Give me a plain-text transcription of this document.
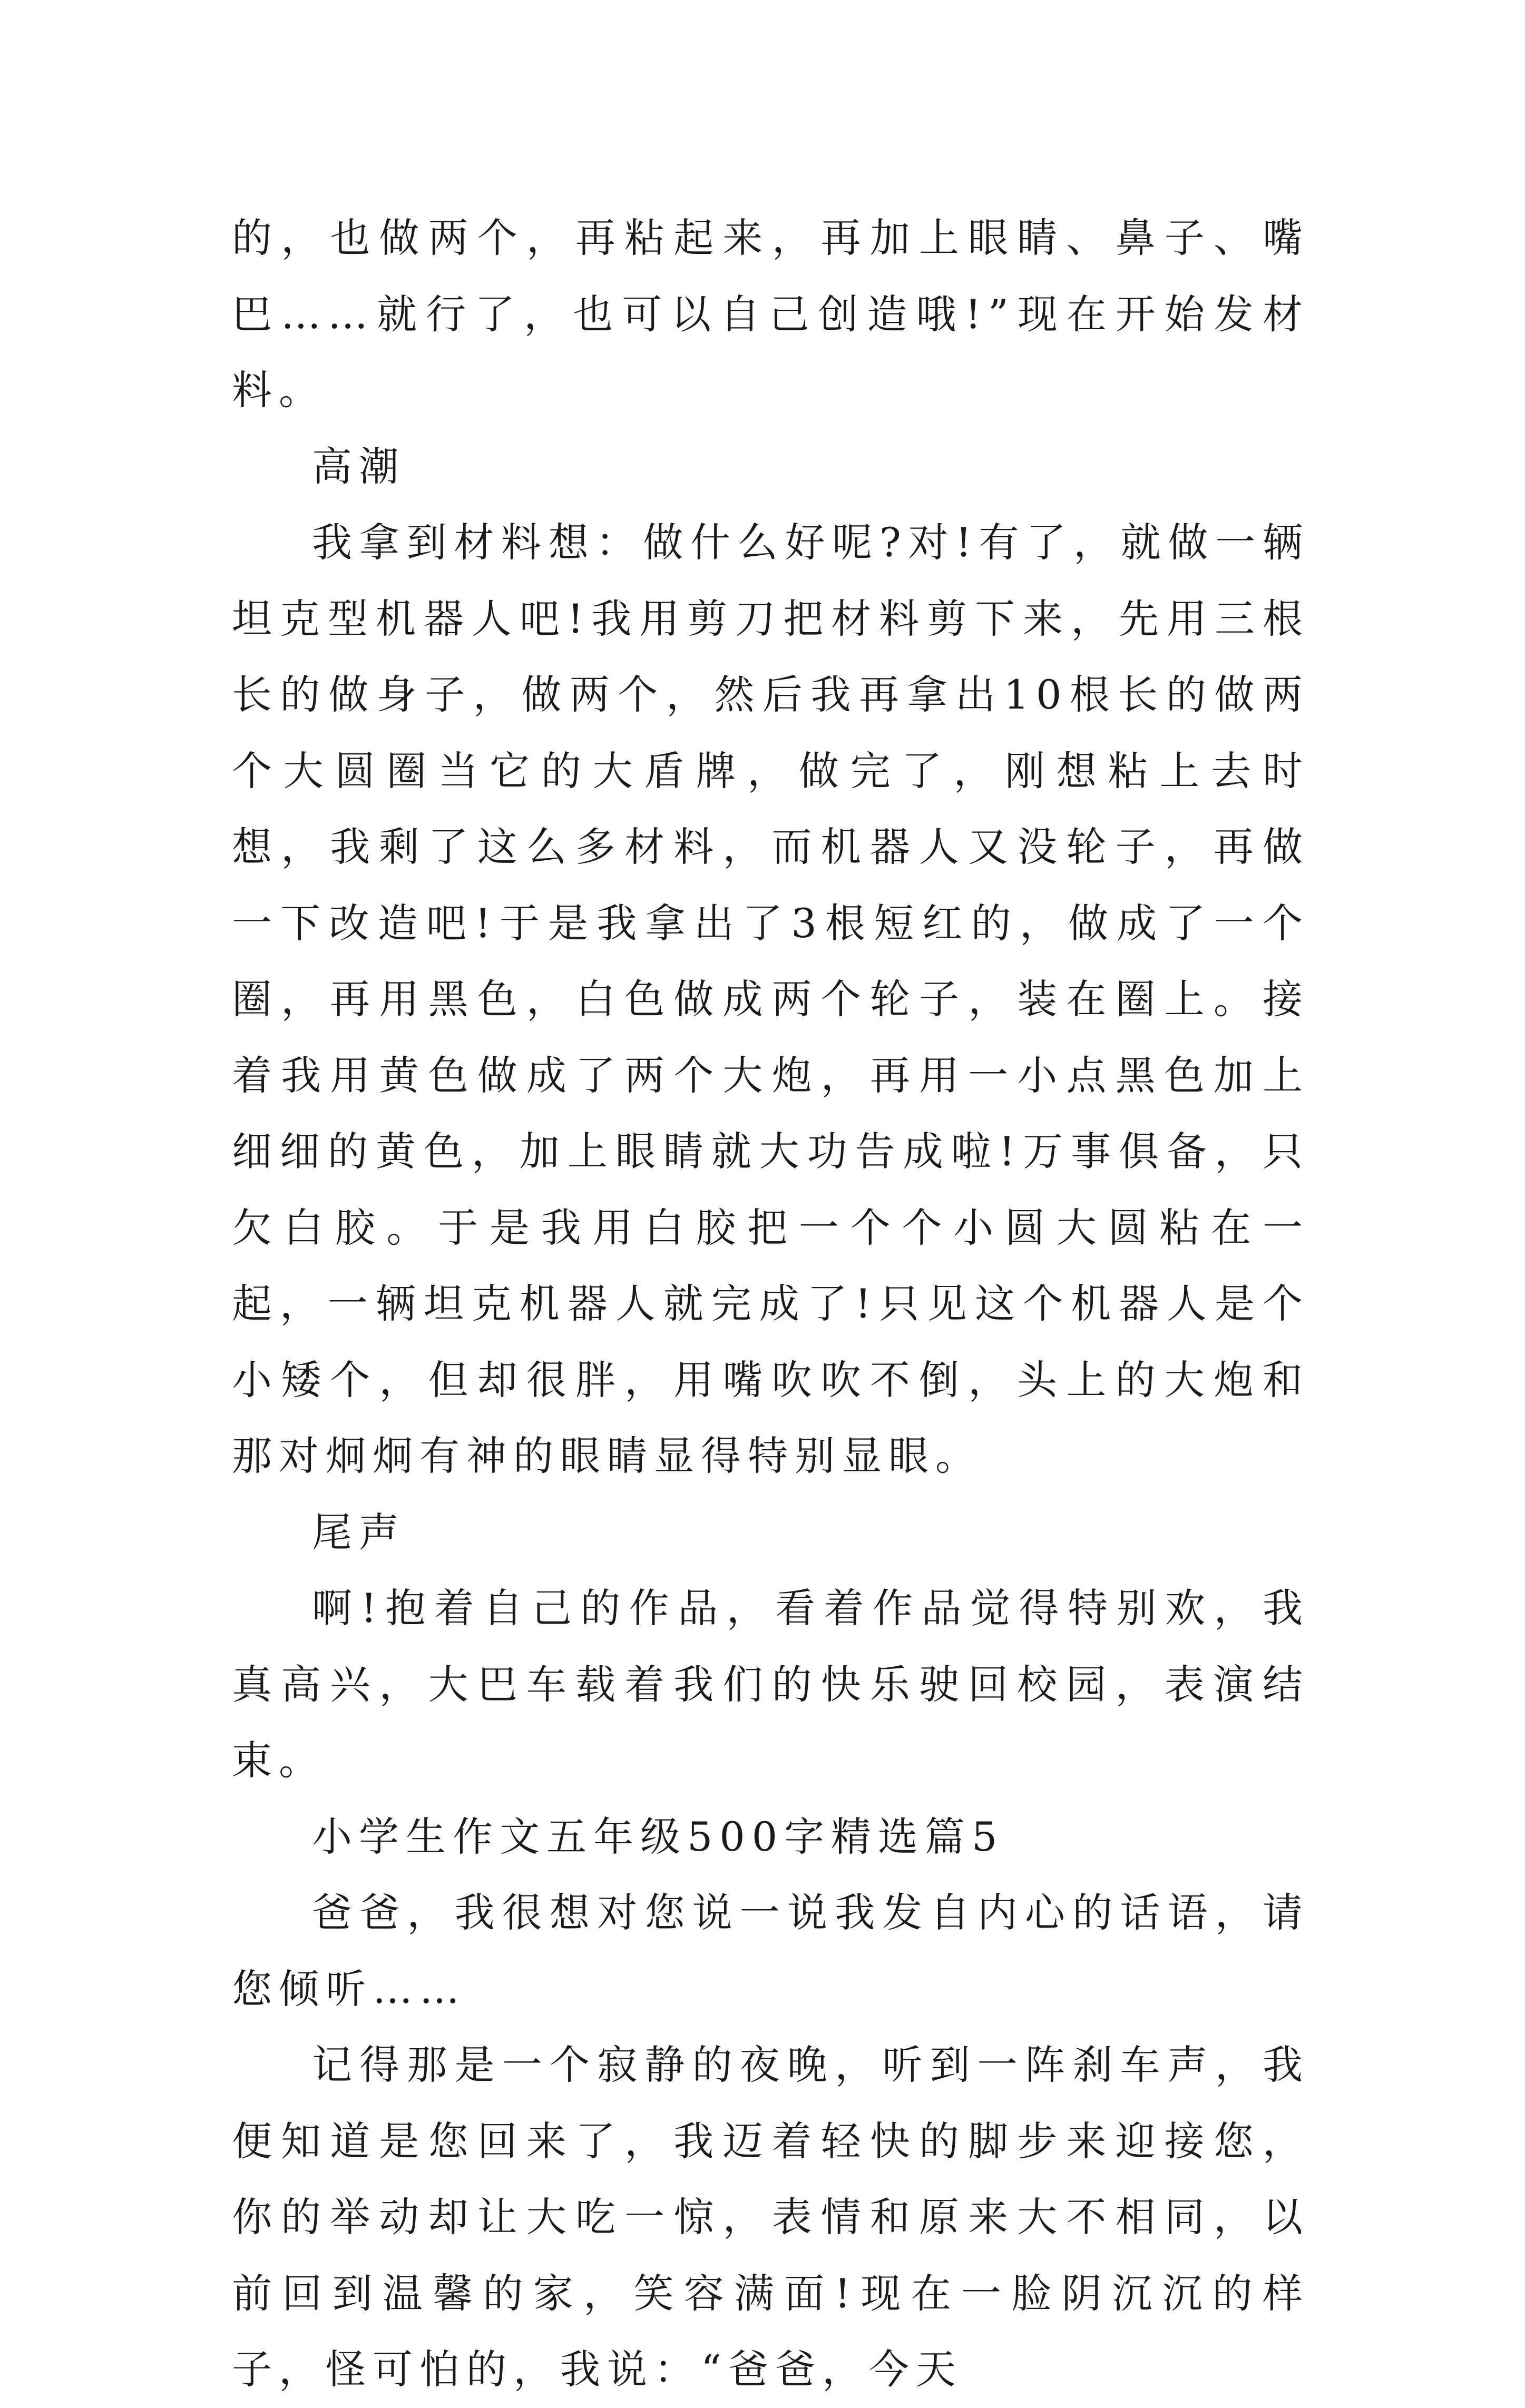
的，也做两个，再粘起来，再加上眼睛、鼻子、嘴巴……就行了，也可以自己创造哦!”现在开始发材料。

高潮

我拿到材料想：做什么好呢?对!有了，就做一辆坦克型机器人吧!我用剪刀把材料剪下来，先用三根长的做身子，做两个，然后我再拿出10根长的做两个大圆圈当它的大盾牌，做完了，刚想粘上去时想，我剩了这么多材料，而机器人又没轮子，再做一下改造吧!于是我拿出了3根短红的，做成了一个圈，再用黑色，白色做成两个轮子，装在圈上。接着我用黄色做成了两个大炮，再用一小点黑色加上细细的黄色，加上眼睛就大功告成啦!万事俱备，只欠白胶。于是我用白胶把一个个小圆大圆粘在一起，一辆坦克机器人就完成了!只见这个机器人是个小矮个，但却很胖，用嘴吹吹不倒，头上的大炮和那对炯炯有神的眼睛显得特别显眼。

尾声

啊!抱着自己的作品，看着作品觉得特别欢，我真高兴，大巴车载着我们的快乐驶回校园，表演结束。

小学生作文五年级500字精选篇5

爸爸，我很想对您说一说我发自内心的话语，请您倾听……

记得那是一个寂静的夜晚，听到一阵刹车声，我便知道是您回来了，我迈着轻快的脚步来迎接您，你的举动却让大吃一惊，表情和原来大不相同，以前回到温馨的家，笑容满面!现在一脸阴沉沉的样子，怪可怕的，我说：“爸爸，今天
